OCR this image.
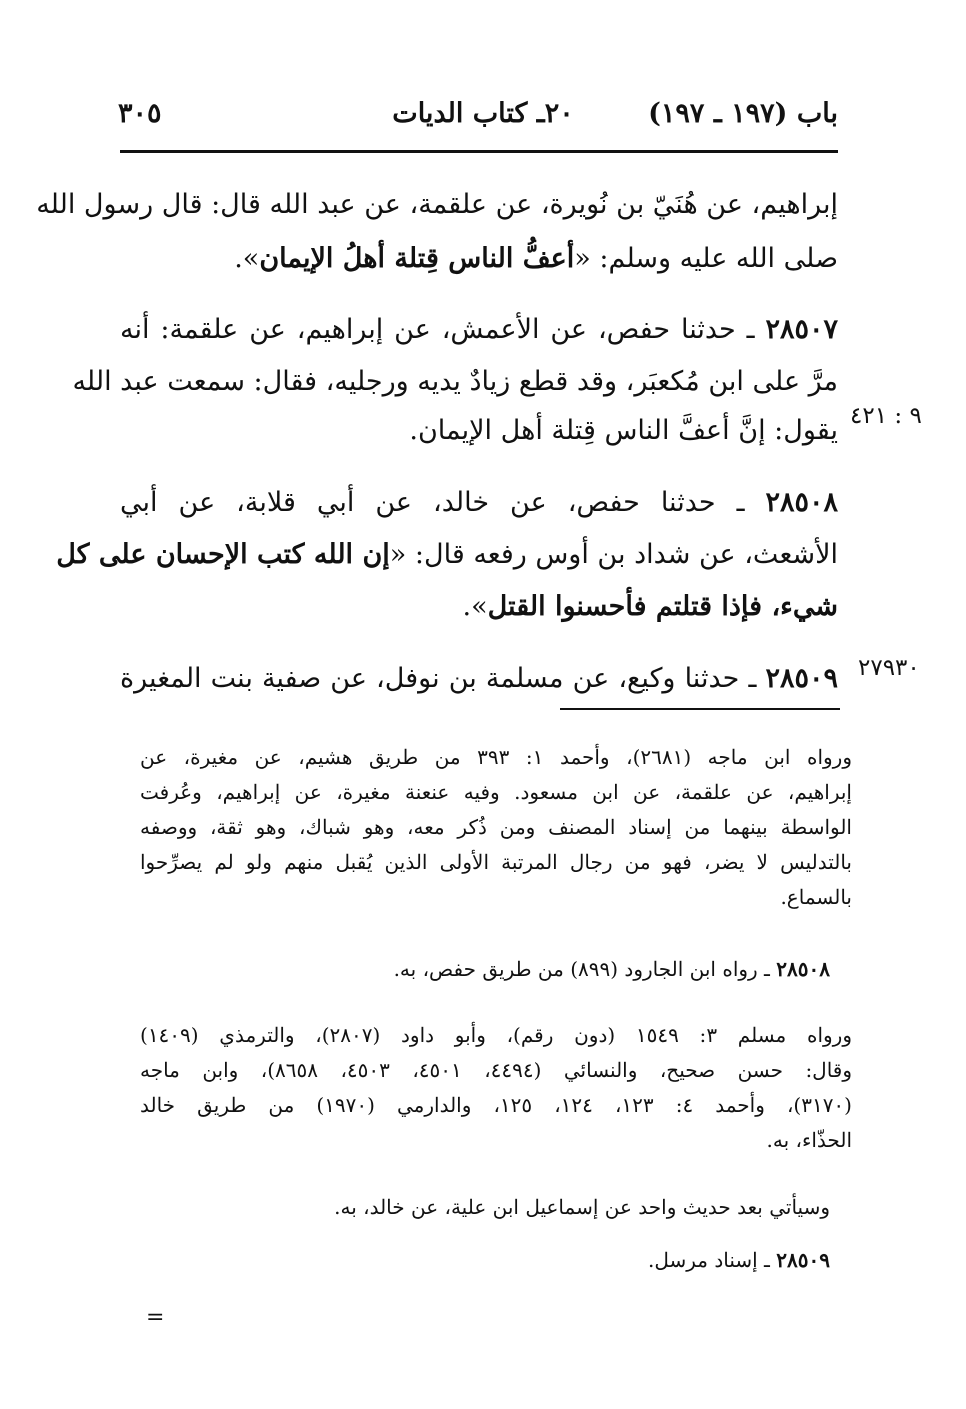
باب (١٩٧ ـ ١٩٧)
٢٠ـ كتاب الديات
٣٠٥
إبراهيم، عن هُنَيّ بن نُويرة، عن علقمة، عن عبد الله قال: قال رسول الله
صلى الله عليه وسلم: «أعفُّ الناس قِتلة أهلُ الإيمان».
٢٨٥٠٧ ـ حدثنا حفص، عن الأعمش، عن إبراهيم، عن علقمة: أنه
مرَّ على ابن مُكعبَر، وقد قطع زيادٌ يديه ورجليه، فقال: سمعت عبد الله
يقول: إنَّ أعفَّ الناس قِتلة أهل الإيمان. ٩ : ٤٢١
٢٨٥٠٨ ـ حدثنا حفص، عن خالد، عن أبي قلابة، عن أبي
الأشعث، عن شداد بن أوس رفعه قال: «إن الله كتب الإحسان على كل
شيء، فإذا قتلتم فأحسنوا القتل».
٢٨٥٠٩ ـ حدثنا وكيع، عن مسلمة بن نوفل، عن صفية بنت المغيرة	٢٧٩٣٠
ورواه ابن ماجه (٢٦٨١)، وأحمد ١: ٣٩٣ من طريق هشيم، عن مغيرة، عن
إبراهيم، عن علقمة، عن ابن مسعود. وفيه عنعنة مغيرة، عن إبراهيم، وعُرفت
الواسطة بينهما من إسناد المصنف ومن ذُكر معه، وهو شباك، وهو ثقة، ووصفه
بالتدليس لا يضر، فهو من رجال المرتبة الأولى الذين يُقبل منهم ولو لم يصرِّحوا
بالسماع.
٢٨٥٠٨ ـ رواه ابن الجارود (٨٩٩) من طريق حفص، به.
ورواه مسلم ٣: ١٥٤٩ (دون رقم)، وأبو داود (٢٨٠٧)، والترمذي (١٤٠٩)
وقال: حسن صحيح، والنسائي (٤٤٩٤، ٤٥٠١، ٤٥٠٣، ٨٦٥٨)، وابن ماجه
(٣١٧٠)، وأحمد ٤: ١٢٣، ١٢٤، ١٢٥، والدارمي (١٩٧٠) من طريق خالد
الحذّاء، به.
وسيأتي بعد حديث واحد عن إسماعيل ابن علية، عن خالد، به.
٢٨٥٠٩ ـ إسناد مرسل.
=
